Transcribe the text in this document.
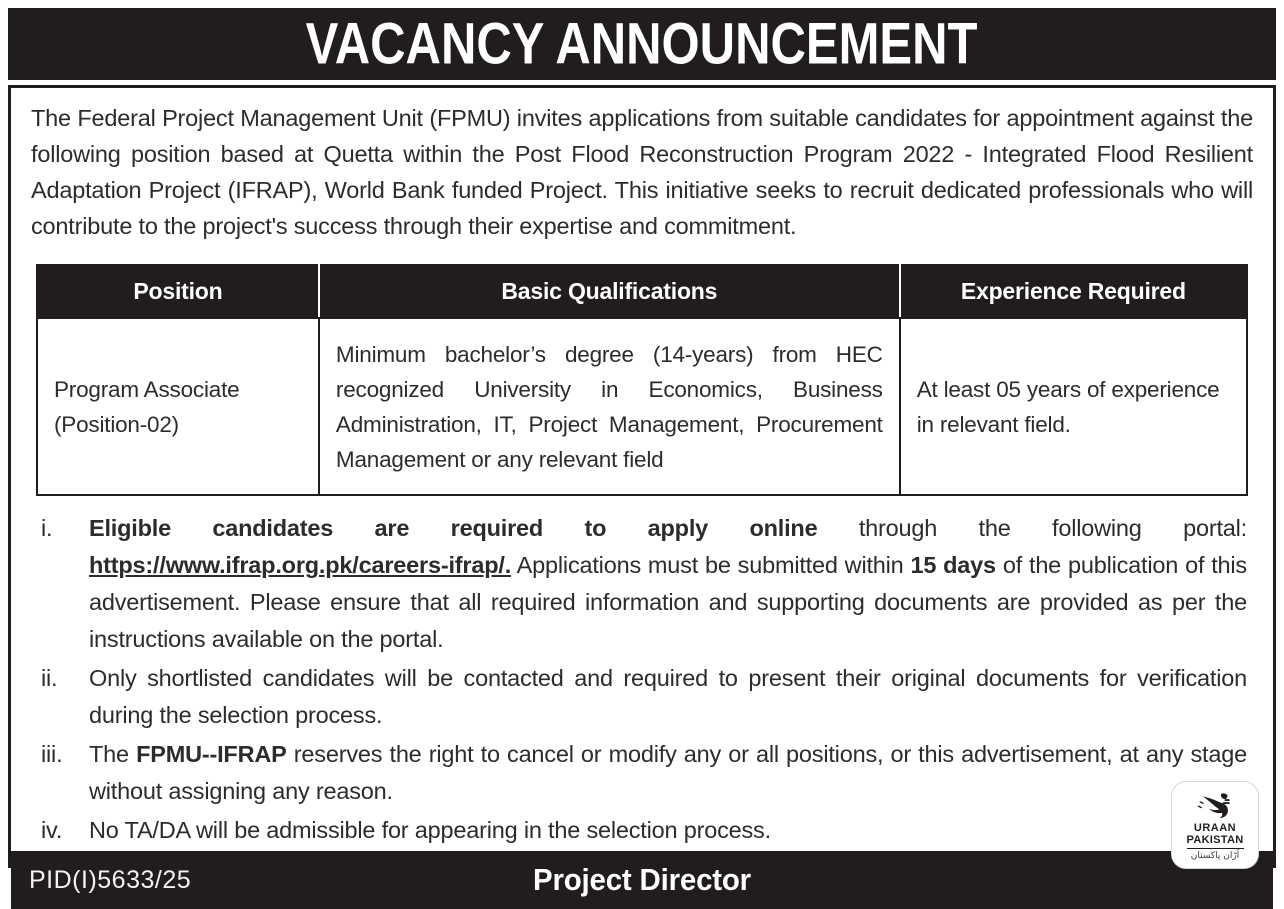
VACANCY ANNOUNCEMENT

The Federal Project Management Unit (FPMU) invites applications from suitable candidates for appointment against the following position based at Quetta within the Post Flood Reconstruction Program 2022 - Integrated Flood Resilient Adaptation Project (IFRAP), World Bank funded Project. This initiative seeks to recruit dedicated professionals who will contribute to the project's success through their expertise and commitment.

Position	Basic Qualifications	Experience Required
Program Associate (Position-02)	Minimum bachelor’s degree (14-years) from HEC recognized University in Economics, Business Administration, IT, Project Management, Procurement Management or any relevant field	At least 05 years of experience in relevant field.
i.	Eligible candidates are required to apply online through the following portal: https://www.ifrap.org.pk/careers-ifrap/. Applications must be submitted within 15 days of the publication of this advertisement. Please ensure that all required information and supporting documents are provided as per the instructions available on the portal.
ii.	Only shortlisted candidates will be contacted and required to present their original documents for verification during the selection process.
iii.	The FPMU--IFRAP reserves the right to cancel or modify any or all positions, or this advertisement, at any stage without assigning any reason.
iv.	No TA/DA will be admissible for appearing in the selection process.
PID(I)5633/25	Project Director
URAAN
PAKISTAN
اُڑان پاکستان
